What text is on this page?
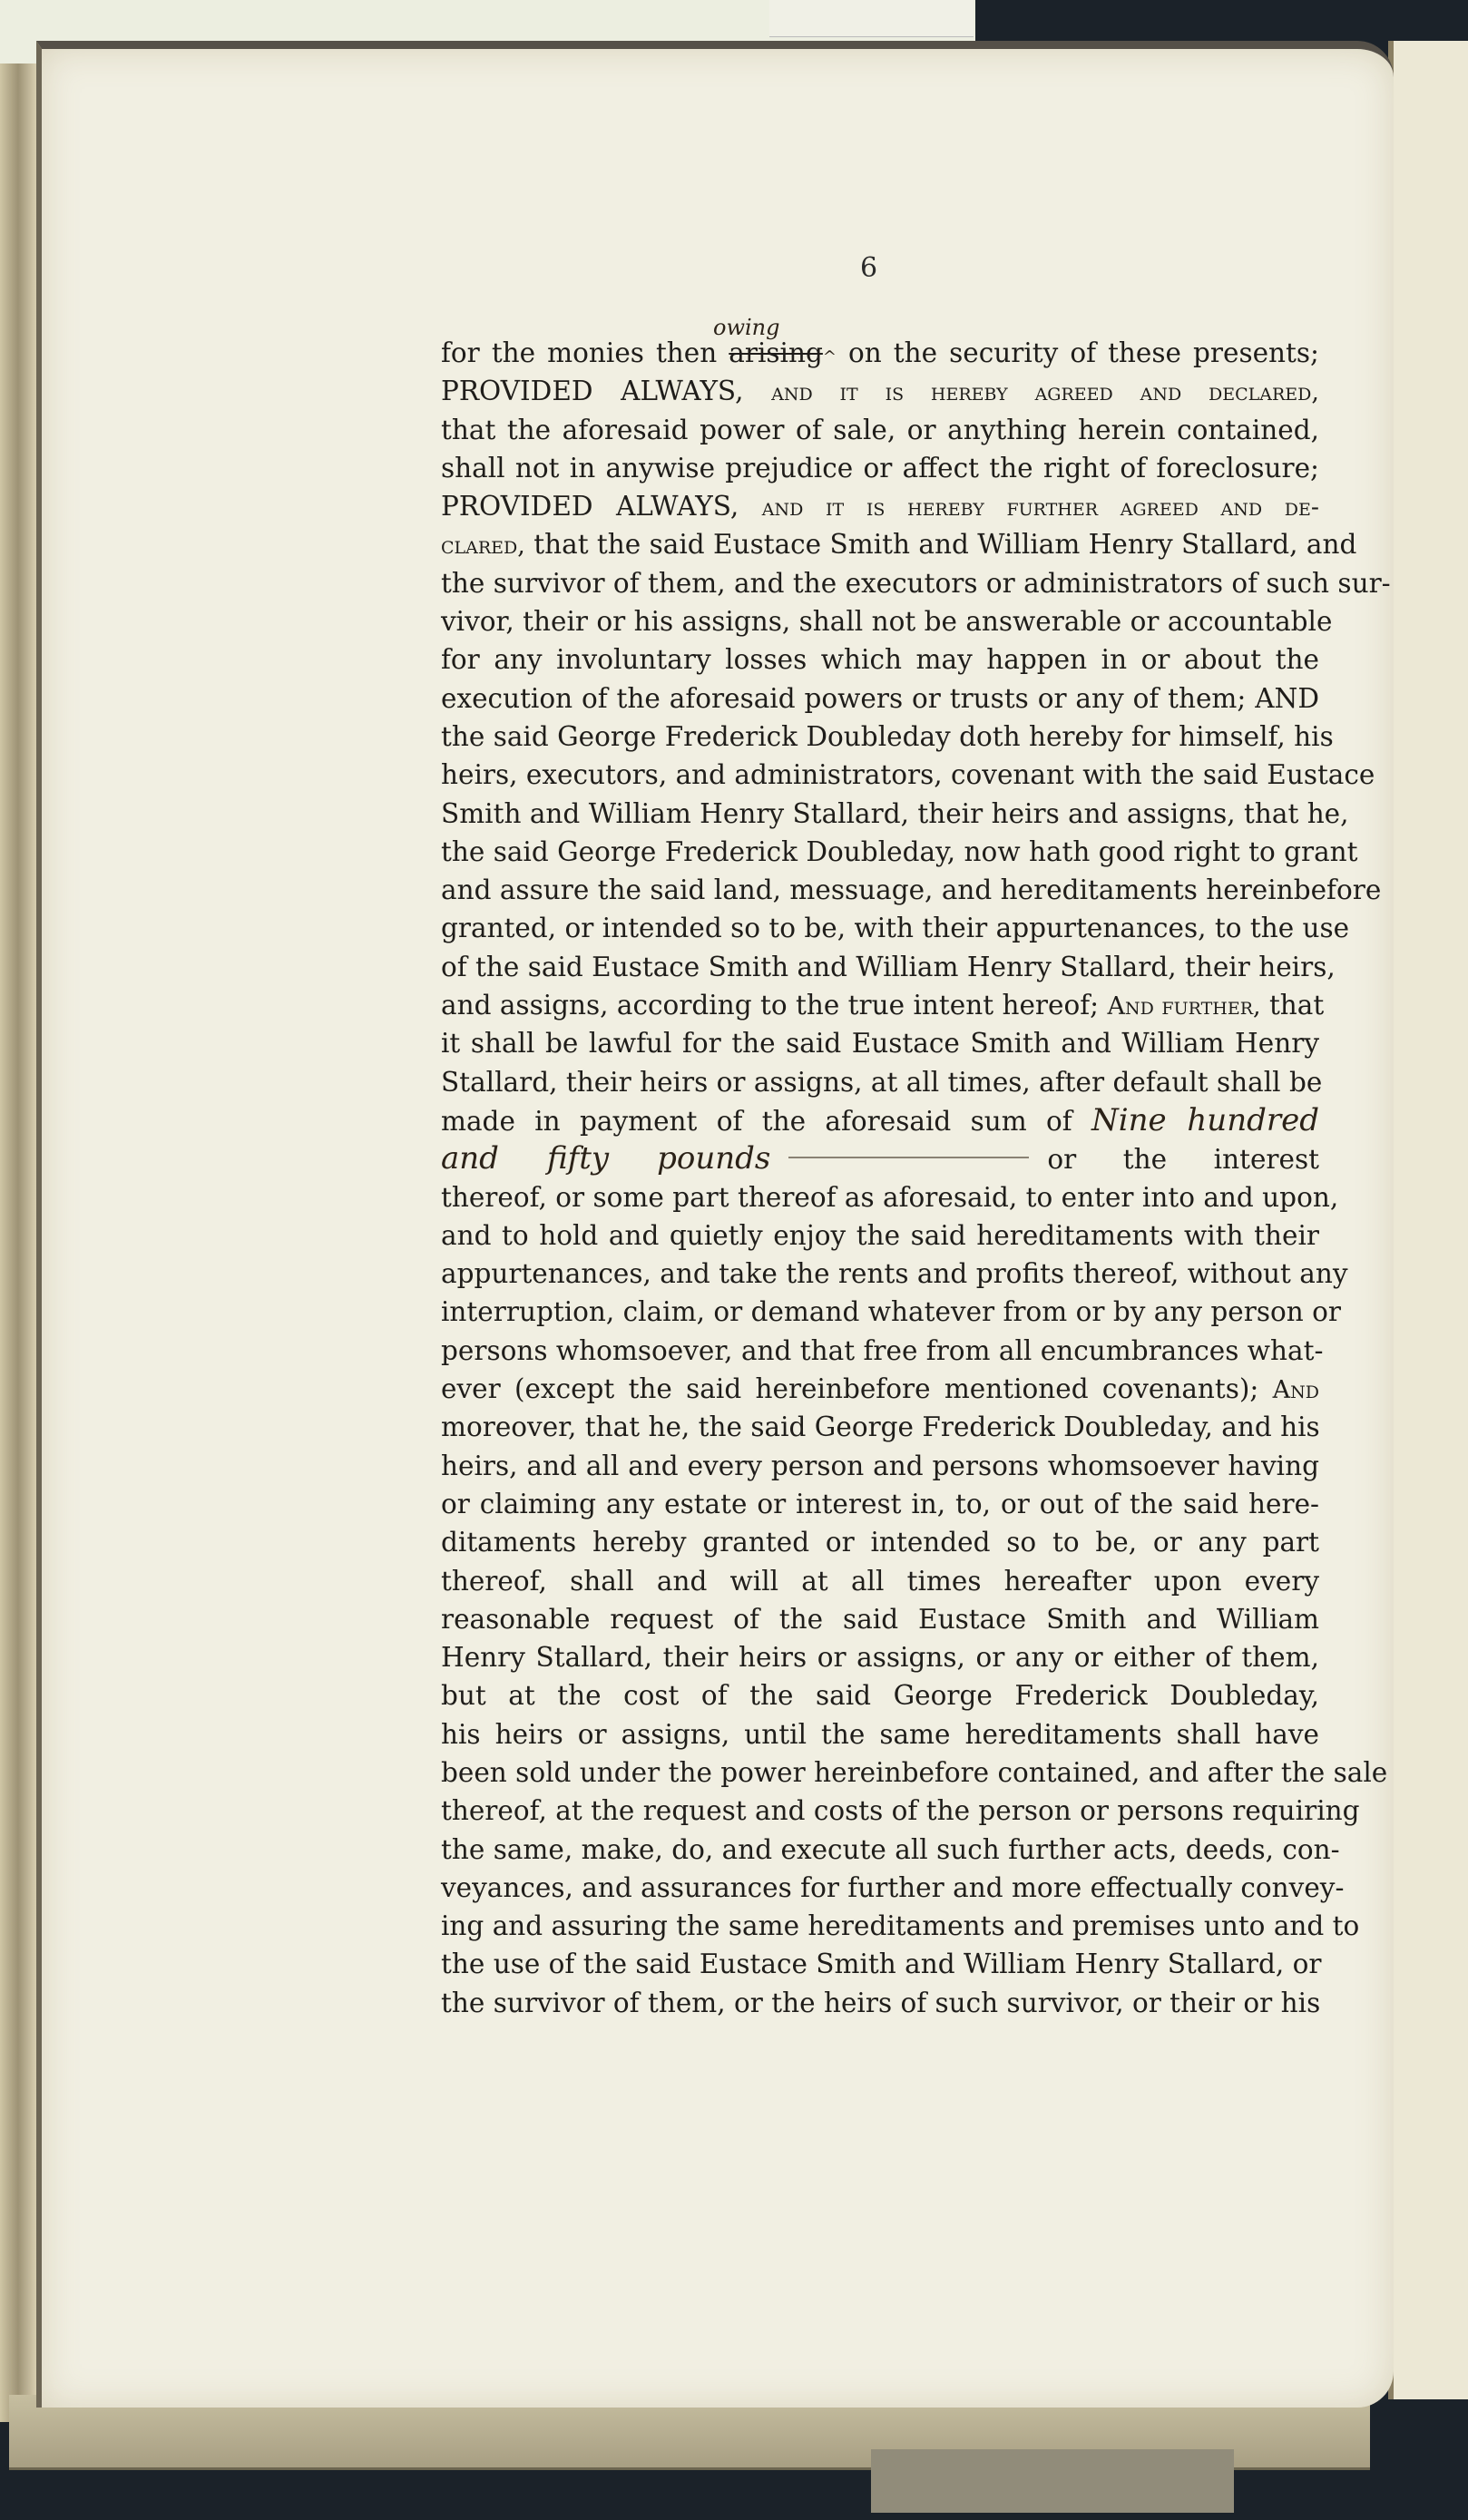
6
owing
for the monies then arising^ on the security of these presents;
PROVIDED ALWAYS, and it is hereby agreed and declared,
that the aforesaid power of sale, or anything herein contained,
shall not in anywise prejudice or affect the right of foreclosure;
PROVIDED ALWAYS, and it is hereby further agreed and de-
clared, that the said Eustace Smith and William Henry Stallard, and
the survivor of them, and the executors or administrators of such sur-
vivor, their or his assigns, shall not be answerable or accountable
for any involuntary losses which may happen in or about the
execution of the aforesaid powers or trusts or any of them; AND
the said George Frederick Doubleday doth hereby for himself, his
heirs, executors, and administrators, covenant with the said Eustace
Smith and William Henry Stallard, their heirs and assigns, that he,
the said George Frederick Doubleday, now hath good right to grant
and assure the said land, messuage, and hereditaments hereinbefore
granted, or intended so to be, with their appurtenances, to the use
of the said Eustace Smith and William Henry Stallard, their heirs,
and assigns, according to the true intent hereof; And further, that
it shall be lawful for the said Eustace Smith and William Henry
Stallard, their heirs or assigns, at all times, after default shall be
made in payment of the aforesaid sum of Nine hundred
and fifty pounds	or the interest
thereof, or some part thereof as aforesaid, to enter into and upon,
and to hold and quietly enjoy the said hereditaments with their
appurtenances, and take the rents and profits thereof, without any
interruption, claim, or demand whatever from or by any person or
persons whomsoever, and that free from all encumbrances what-
ever (except the said hereinbefore mentioned covenants); And
moreover, that he, the said George Frederick Doubleday, and his
heirs, and all and every person and persons whomsoever having
or claiming any estate or interest in, to, or out of the said here-
ditaments hereby granted or intended so to be, or any part
thereof, shall and will at all times hereafter upon every
reasonable request of the said Eustace Smith and William
Henry Stallard, their heirs or assigns, or any or either of them,
but at the cost of the said George Frederick Doubleday,
his heirs or assigns, until the same hereditaments shall have
been sold under the power hereinbefore contained, and after the sale
thereof, at the request and costs of the person or persons requiring
the same, make, do, and execute all such further acts, deeds, con-
veyances, and assurances for further and more effectually convey-
ing and assuring the same hereditaments and premises unto and to
the use of the said Eustace Smith and William Henry Stallard, or
the survivor of them, or the heirs of such survivor, or their or his
